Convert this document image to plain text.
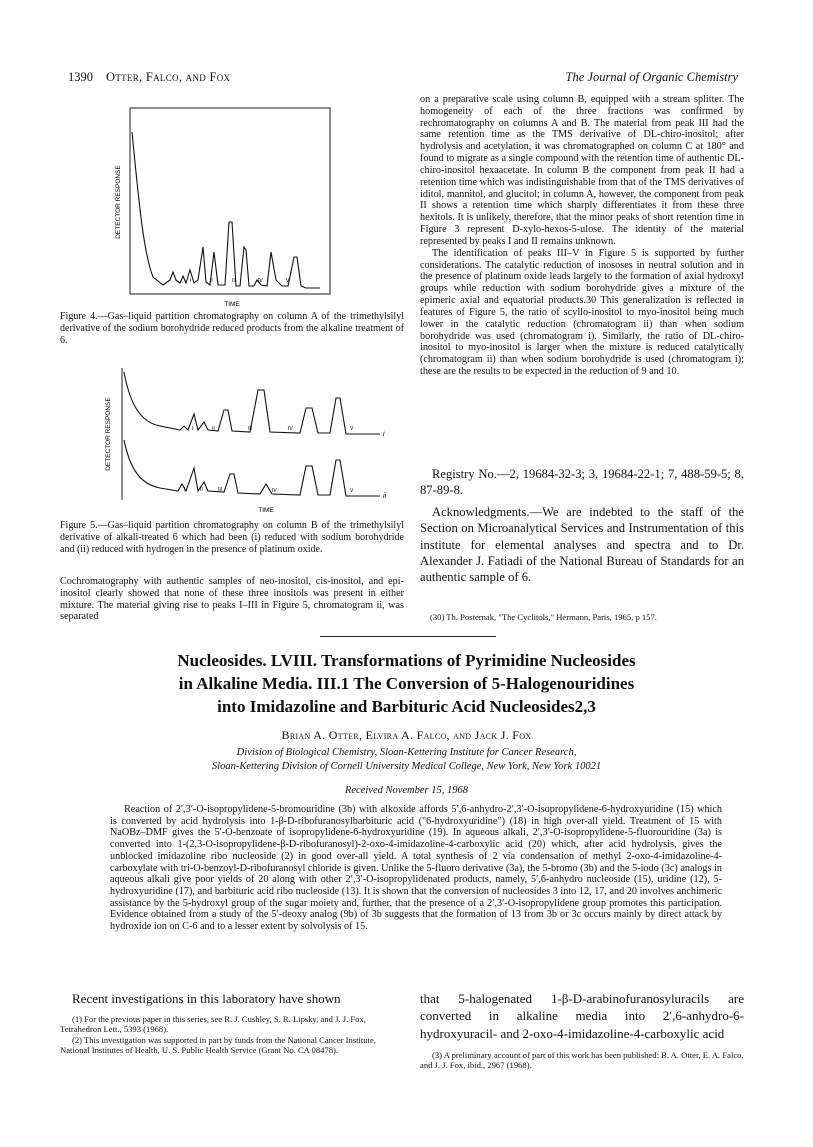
1390 Otter, Falco, and Fox	The Journal of Organic Chemistry
DETECTOR RESPONSE
I	II	III	IV	V
TIME
Figure 4.—Gas–liquid partition chromatography on column A of the trimethylsilyl derivative of the sodium borohydride reduced products from the alkaline treatment of 6.
DETECTOR RESPONSE	I	II	III	IV	V
i
I	II	III	IV	V
ii
TIME
Figure 5.—Gas–liquid partition chromatography on column B of the trimethylsilyl derivative of alkali-treated 6 which had been (i) reduced with sodium borohydride and (ii) reduced with hydrogen in the presence of platinum oxide.
Cochromatography with authentic samples of neo-inositol, cis-inositol, and epi-inositol clearly showed that none of these three inositols was present in either mixture. The material giving rise to peaks I–III in Figure 5, chromatogram ii, was separated

on a preparative scale using column B, equipped with a stream splitter. The homogeneity of each of the three fractions was confirmed by rechromatography on columns A and B. The material from peak III had the same retention time as the TMS derivative of DL-chiro-inositol; after hydrolysis and acetylation, it was chromatographed on column C at 180° and found to migrate as a single compound with the retention time of authentic DL-chiro-inositol hexaacetate. In column B the component from peak II had a retention time which was indistinguishable from that of the TMS derivatives of iditol, mannitol, and glucitol; in column A, however, the component from peak II shows a retention time which sharply differentiates it from these three hexitols. It is unlikely, therefore, that the minor peaks of short retention time in Figure 3 represent D-xylo-hexos-5-ulose. The identity of the material represented by peaks I and II remains unknown.

The identification of peaks III–V in Figure 5 is supported by further considerations. The catalytic reduction of inososes in neutral solution and in the presence of platinum oxide leads largely to the formation of axial hydroxyl groups while reduction with sodium borohydride gives a mixture of the epimeric axial and equatorial products.30 This generalization is reflected in features of Figure 5, the ratio of scyllo-inositol to myo-inositol being much lower in the catalytic reduction (chromatogram ii) than when sodium borohydride was used (chromatogram i). Similarly, the ratio of DL-chiro-inositol to myo-inositol is larger when the mixture is reduced catalytically (chromatogram ii) than when sodium borohydride is used (chromatogram i); these are the results to be expected in the reduction of 9 and 10.

Registry No.—2, 19684-32-3; 3, 19684-22-1; 7, 488-59-5; 8, 87-89-8.
Acknowledgments.—We are indebted to the staff of the Section on Microanalytical Services and Instrumentation of this institute for elemental analyses and spectra and to Dr. Alexander J. Fatiadi of the National Bureau of Standards for an authentic sample of 6.
(30) Th. Posternak, "The Cyclitols," Hermann, Paris, 1965, p 157.
Nucleosides. LVIII. Transformations of Pyrimidine Nucleosides
in Alkaline Media. III.1 The Conversion of 5-Halogenouridines
into Imidazoline and Barbituric Acid Nucleosides2,3
Brian A. Otter, Elvira A. Falco, and Jack J. Fox
Division of Biological Chemistry, Sloan-Kettering Institute for Cancer Research,
Sloan-Kettering Division of Cornell University Medical College, New York, New York 10021
Received November 15, 1968
Reaction of 2′,3′-O-isopropylidene-5-bromouridine (3b) with alkoxide affords 5′,6-anhydro-2′,3′-O-isopropylidene-6-hydroxyuridine (15) which is converted by acid hydrolysis into 1-β-D-ribofuranosylbarbituric acid ("6-hydroxyuridine") (18) in high over-all yield. Treatment of 15 with NaOBz–DMF gives the 5′-O-benzoate of isopropylidene-6-hydroxyuridine (19). In aqueous alkali, 2′,3′-O-isopropylidene-5-fluorouridine (3a) is converted into 1-(2,3-O-isopropylidene-β-D-ribofuranosyl)-2-oxo-4-imidazoline-4-carboxylic acid (20) which, after acid hydrolysis, gives the unblocked imidazoline ribo nucleoside (2) in good over-all yield. A total synthesis of 2 via condensation of methyl 2-oxo-4-imidazoline-4-carboxylate with tri-O-benzoyl-D-ribofuranosyl chloride is given. Unlike the 5-fluoro derivative (3a), the 5-bromo (3b) and the 5-iodo (3c) analogs in aqueous alkali give poor yields of 20 along with other 2′,3′-O-isopropylidenated products, namely, 5′,6-anhydro nucleoside (15), uridine (12), 5-hydroxyuridine (17), and barbituric acid ribo nucleoside (13). It is shown that the conversion of nucleosides 3 into 12, 17, and 20 involves anchimeric assistance by the 5-hydroxyl group of the sugar moiety and, further, that the presence of a 2′,3′-O-isopropylidene group promotes this participation. Evidence obtained from a study of the 5′-deoxy analog (9b) of 3b suggests that the formation of 13 from 3b or 3c occurs mainly by direct attack by hydroxide ion on C-6 and to a lesser extent by solvolysis of 15.
Recent investigations in this laboratory have shown	that 5-halogenated 1-β-D-arabinofuranosyluracils are converted in alkaline media into 2′,6-anhydro-6-hydroxyuracil- and 2-oxo-4-imidazoline-4-carboxylic acid
(1) For the previous paper in this series, see R. J. Cushley, S. R. Lipsky, and J. J. Fox, Tetrahedron Lett., 5393 (1968).
(2) This investigation was supported in part by funds from the National Cancer Institute, National Institutes of Health, U. S. Public Health Service (Grant No. CA 08478).
(3) A preliminary account of part of this work has been published: B. A. Otter, E. A. Falco, and J. J. Fox, ibid., 2967 (1968).
